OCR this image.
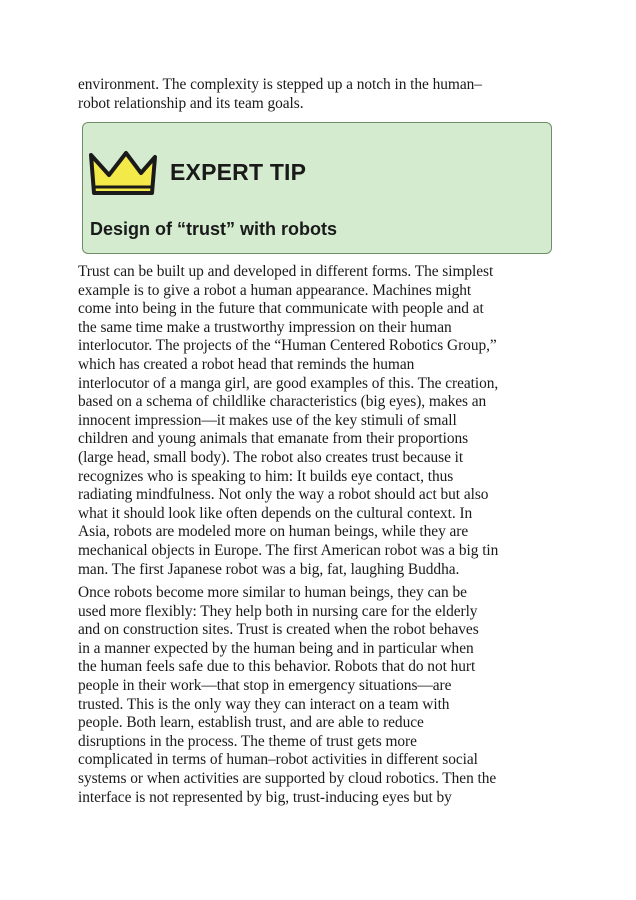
environment. The complexity is stepped up a notch in the human–
robot relationship and its team goals.
EXPERT TIP
Design of “trust” with robots
Trust can be built up and developed in different forms. The simplest
example is to give a robot a human appearance. Machines might
come into being in the future that communicate with people and at
the same time make a trustworthy impression on their human
interlocutor. The projects of the “Human Centered Robotics Group,”
which has created a robot head that reminds the human
interlocutor of a manga girl, are good examples of this. The creation,
based on a schema of childlike characteristics (big eyes), makes an
innocent impression—it makes use of the key stimuli of small
children and young animals that emanate from their proportions
(large head, small body). The robot also creates trust because it
recognizes who is speaking to him: It builds eye contact, thus
radiating mindfulness. Not only the way a robot should act but also
what it should look like often depends on the cultural context. In
Asia, robots are modeled more on human beings, while they are
mechanical objects in Europe. The first American robot was a big tin
man. The first Japanese robot was a big, fat, laughing Buddha.
Once robots become more similar to human beings, they can be
used more flexibly: They help both in nursing care for the elderly
and on construction sites. Trust is created when the robot behaves
in a manner expected by the human being and in particular when
the human feels safe due to this behavior. Robots that do not hurt
people in their work—that stop in emergency situations—are
trusted. This is the only way they can interact on a team with
people. Both learn, establish trust, and are able to reduce
disruptions in the process. The theme of trust gets more
complicated in terms of human–robot activities in different social
systems or when activities are supported by cloud robotics. Then the
interface is not represented by big, trust-inducing eyes but by
